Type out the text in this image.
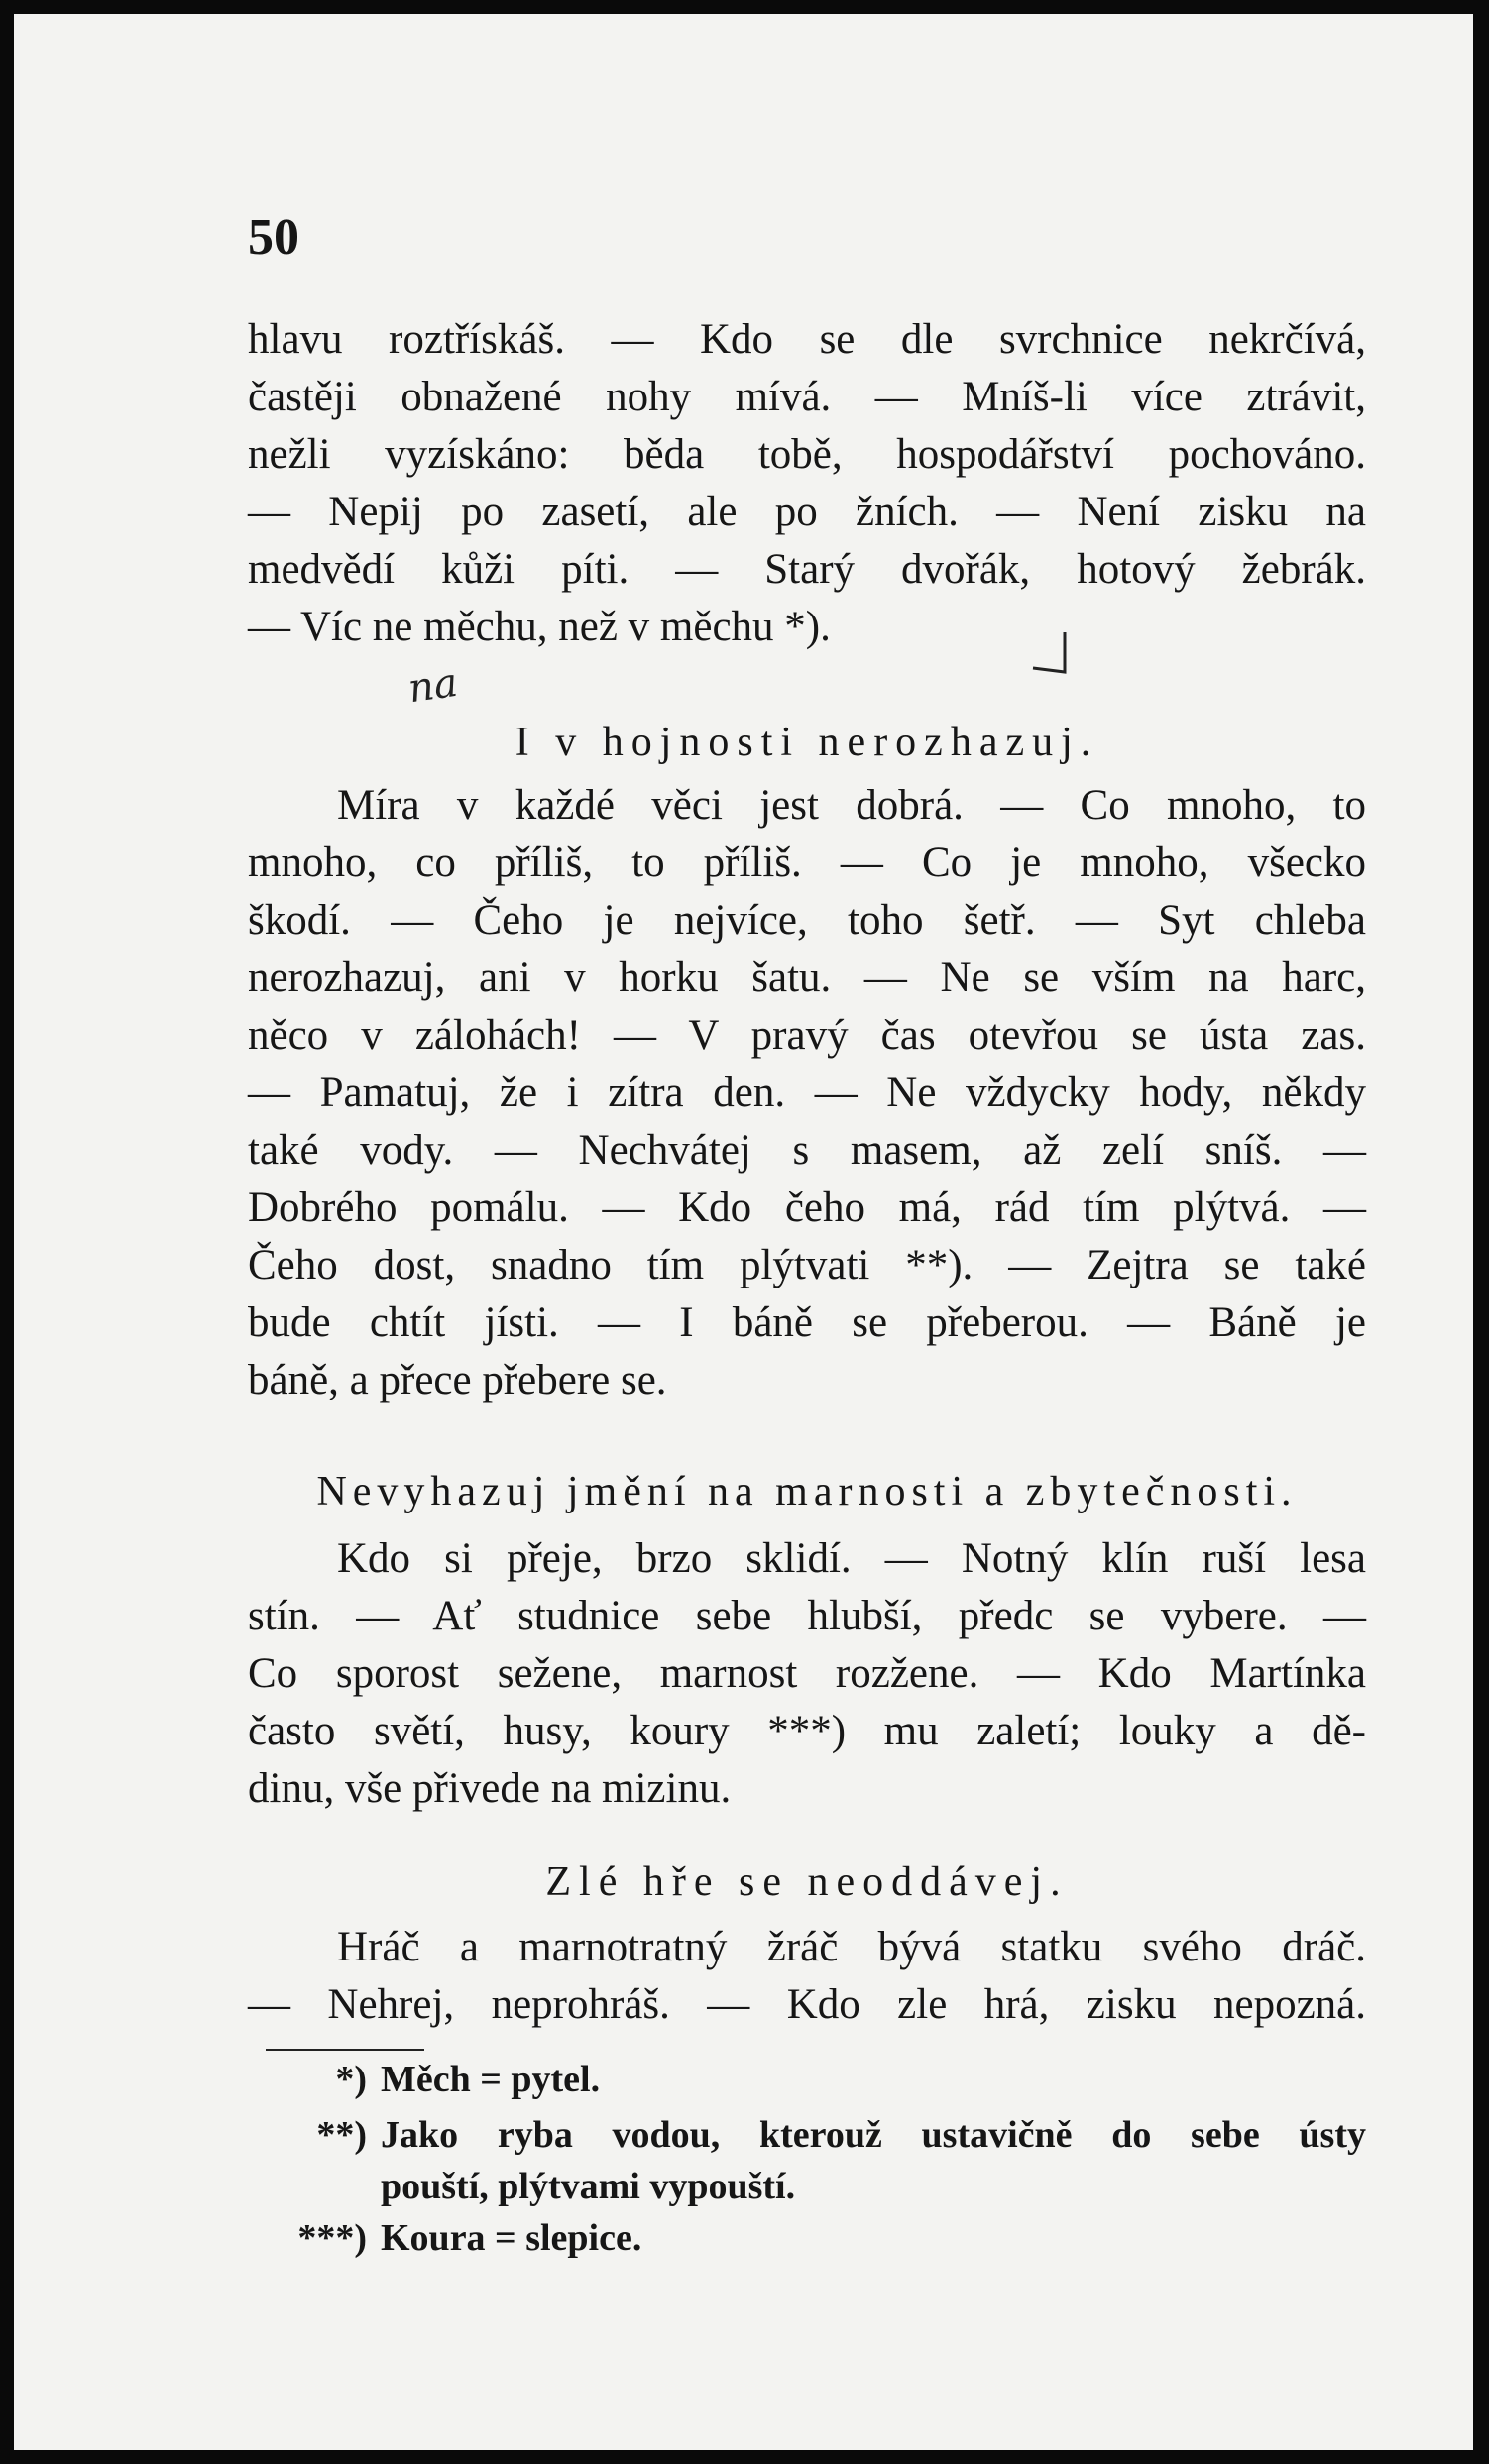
50
hlavu roztřískáš. — Kdo se dle svrchnice nekrčívá,
častěji obnažené nohy mívá. — Mníš-li více ztrávit,
nežli vyzískáno: běda tobě, hospodářství pochováno.
— Nepij po zasetí, ale po žních. — Není zisku na
medvědí kůži píti. — Starý dvořák, hotový žebrák.
— Víc ne měchu, než v měchu *).
na
I v hojnosti nerozhazuj.
Míra v každé věci jest dobrá. — Co mnoho, to
mnoho, co příliš, to příliš. — Co je mnoho, všecko
škodí. — Čeho je nejvíce, toho šetř. — Syt chleba
nerozhazuj, ani v horku šatu. — Ne se vším na harc,
něco v zálohách! — V pravý čas otevřou se ústa zas.
— Pamatuj, že i zítra den. — Ne vždycky hody, někdy
také vody. — Nechvátej s masem, až zelí sníš. —
Dobrého pomálu. — Kdo čeho má, rád tím plýtvá. —
Čeho dost, snadno tím plýtvati **). — Zejtra se také
bude chtít jísti. — I báně se přeberou. — Báně je
báně, a přece přebere se.
Nevyhazuj jmění na marnosti a zbytečnosti.
Kdo si přeje, brzo sklidí. — Notný klín ruší lesa
stín. — Ať studnice sebe hlubší, předc se vybere. —
Co sporost sežene, marnost rozžene. — Kdo Martínka
často světí, husy, koury ***) mu zaletí; louky a dě-
dinu, vše přivede na mizinu.
Zlé hře se neoddávej.
Hráč a marnotratný žráč bývá statku svého dráč.
— Nehrej, neprohráš. — Kdo zle hrá, zisku nepozná.
*) Měch = pytel.
**) Jako ryba vodou, kterouž ustavičně do sebe ústy
pouští, plýtvami vypouští.
***) Koura = slepice.
